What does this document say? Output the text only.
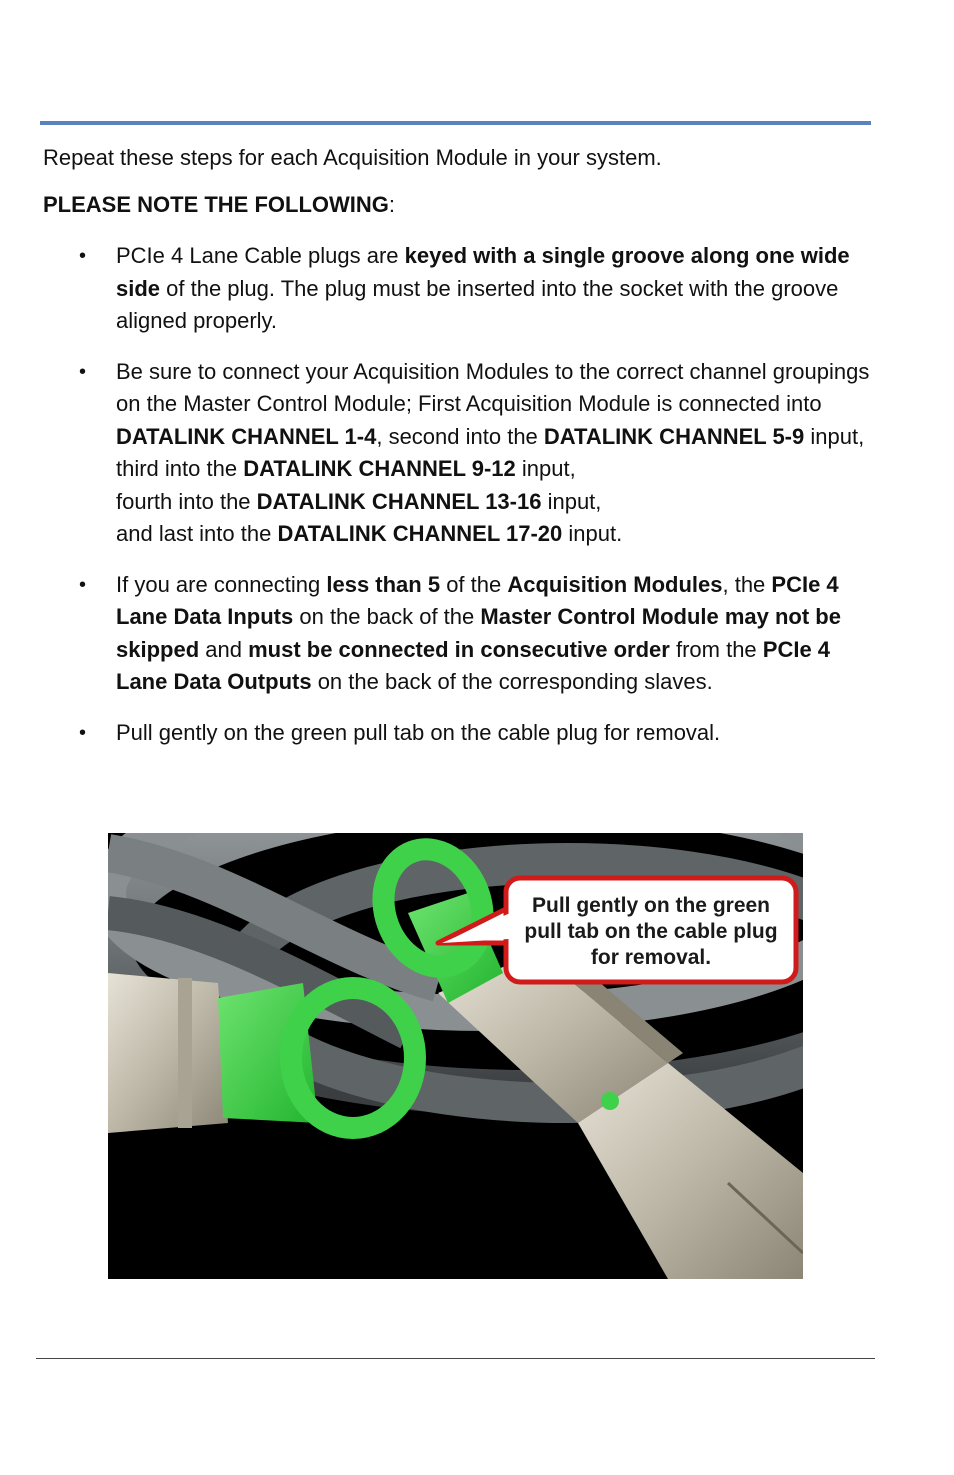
Repeat these steps for each Acquisition Module in your system.
PLEASE NOTE THE FOLLOWING:
• PCIe 4 Lane Cable plugs are keyed with a single groove along one wide side of the plug. The plug must be inserted into the socket with the groove aligned properly.
• Be sure to connect your Acquisition Modules to the correct channel groupings on the Master Control Module; First Acquisition Module is connected into DATALINK CHANNEL 1-4, second into the DATALINK CHANNEL 5-9 input,
third into the DATALINK CHANNEL 9-12 input,
fourth into the DATALINK CHANNEL 13-16 input,
and last into the DATALINK CHANNEL 17-20 input.
• If you are connecting less than 5 of the Acquisition Modules, the PCIe 4 Lane Data Inputs on the back of the Master Control Module may not be skipped and must be connected in consecutive order from the PCIe 4 Lane Data Outputs on the back of the corresponding slaves.
• Pull gently on the green pull tab on the cable plug for removal.
Pull gently on the green
pull tab on the cable plug
for removal.
